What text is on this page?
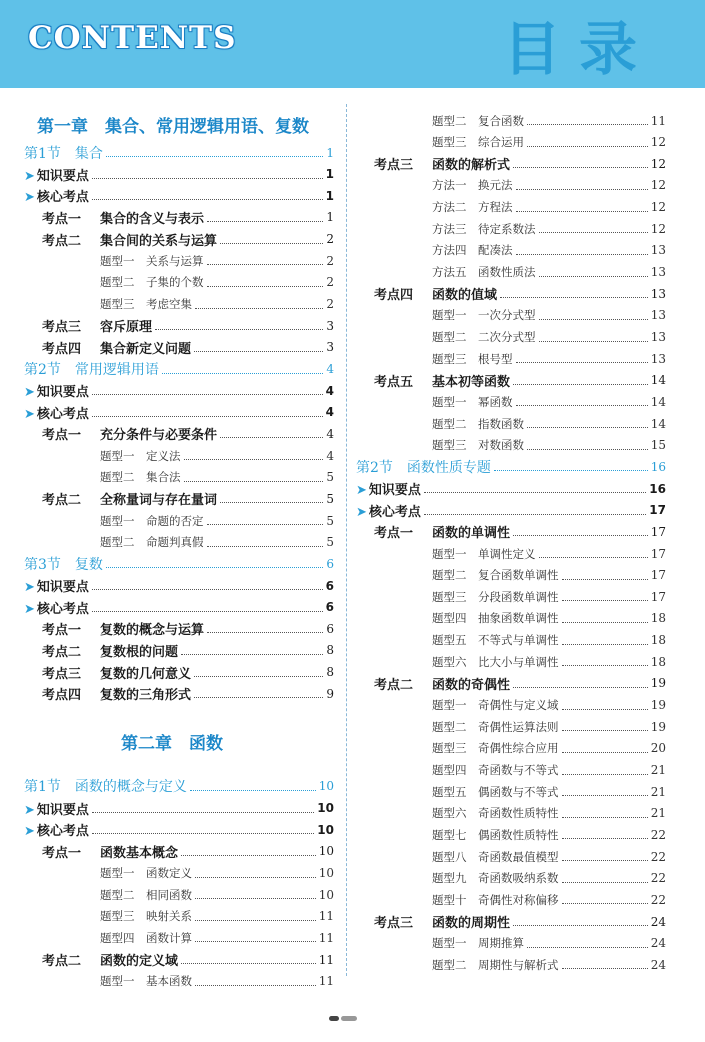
CONTENTS	目录
第一章　集合、常用逻辑用语、复数
第二章　函数
第1节　集合	1
➤ 知识要点	1
➤ 核心考点	1
考点一 集合的含义与表示	1
考点二 集合间的关系与运算	2
题型一 关系与运算	2
题型二 子集的个数	2
题型三 考虑空集	2
考点三 容斥原理	3
考点四 集合新定义问题	3
第2节　常用逻辑用语	4
➤ 知识要点	4
➤ 核心考点	4
考点一 充分条件与必要条件	4
题型一 定义法	4
题型二 集合法	5
考点二 全称量词与存在量词	5
题型一 命题的否定	5
题型二 命题判真假	5
第3节　复数	6
➤ 知识要点	6
➤ 核心考点	6
考点一 复数的概念与运算	6
考点二 复数根的问题	8
考点三 复数的几何意义	8
考点四 复数的三角形式	9
第1节　函数的概念与定义	10
➤ 知识要点	10
➤ 核心考点	10
考点一 函数基本概念	10
题型一 函数定义	10
题型二 相同函数	10
题型三 映射关系	11
题型四 函数计算	11
考点二 函数的定义域	11
题型一 基本函数	11
题型二 复合函数	11
题型三 综合运用	12
考点三 函数的解析式	12
方法一 换元法	12
方法二 方程法	12
方法三 待定系数法	12
方法四 配凑法	13
方法五 函数性质法	13
考点四 函数的值域	13
题型一 一次分式型	13
题型二 二次分式型	13
题型三 根号型	13
考点五 基本初等函数	14
题型一 幂函数	14
题型二 指数函数	14
题型三 对数函数	15
第2节　函数性质专题	16
➤ 知识要点	16
➤ 核心考点	17
考点一 函数的单调性	17
题型一 单调性定义	17
题型二 复合函数单调性	17
题型三 分段函数单调性	17
题型四 抽象函数单调性	18
题型五 不等式与单调性	18
题型六 比大小与单调性	18
考点二 函数的奇偶性	19
题型一 奇偶性与定义域	19
题型二 奇偶性运算法则	19
题型三 奇偶性综合应用	20
题型四 奇函数与不等式	21
题型五 偶函数与不等式	21
题型六 奇函数性质特性	21
题型七 偶函数性质特性	22
题型八 奇函数最值模型	22
题型九 奇函数吸纳系数	22
题型十 奇偶性对称偏移	22
考点三 函数的周期性	24
题型一 周期推算	24
题型二 周期性与解析式	24
